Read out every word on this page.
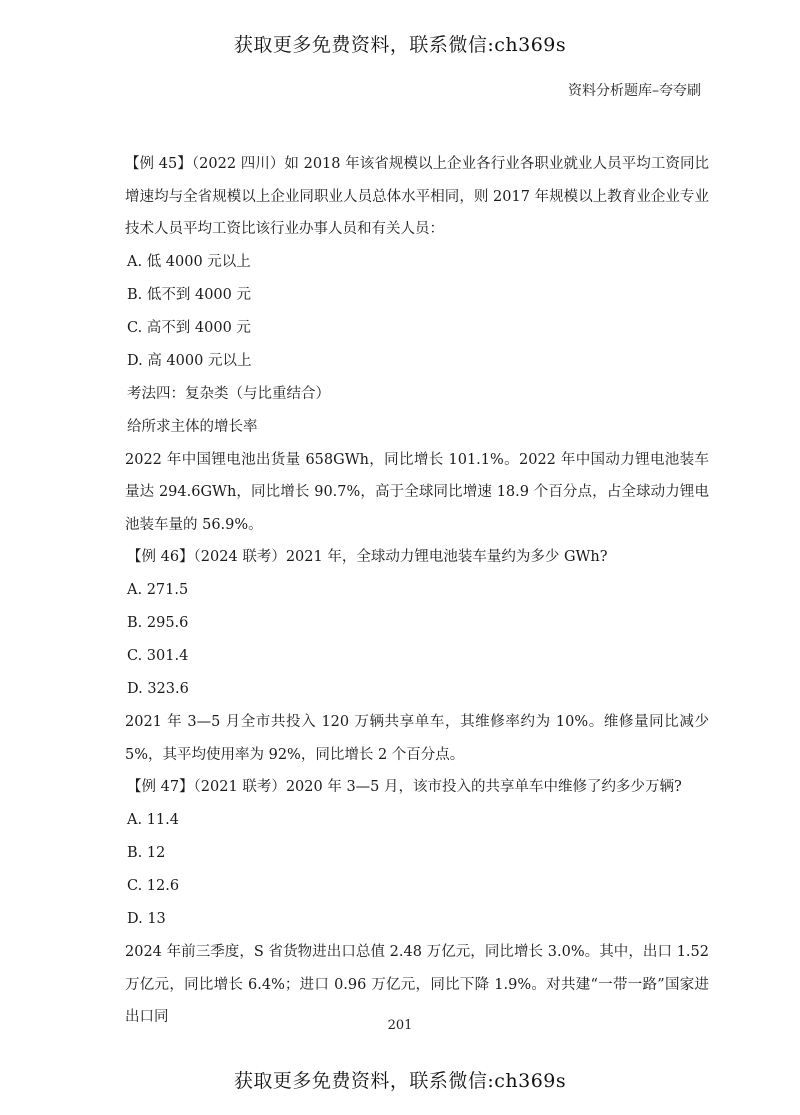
获取更多免费资料，联系微信:ch369s
资料分析题库–夸夸刷
【例 45】（2022 四川）如 2018 年该省规模以上企业各行业各职业就业人员平均工资同比增速均与全省规模以上企业同职业人员总体水平相同，则 2017 年规模以上教育业企业专业技术人员平均工资比该行业办事人员和有关人员：
A. 低 4000 元以上
B. 低不到 4000 元
C. 高不到 4000 元
D. 高 4000 元以上
考法四：复杂类（与比重结合）
给所求主体的增长率
2022 年中国锂电池出货量 658GWh，同比增长 101.1%。2022 年中国动力锂电池装车量达 294.6GWh，同比增长 90.7%，高于全球同比增速 18.9 个百分点，占全球动力锂电池装车量的 56.9%。
【例 46】（2024 联考）2021 年，全球动力锂电池装车量约为多少 GWh?
A. 271.5
B. 295.6
C. 301.4
D. 323.6
2021 年 3—5 月全市共投入 120 万辆共享单车，其维修率约为 10%。维修量同比减少 5%，其平均使用率为 92%，同比增长 2 个百分点。
【例 47】（2021 联考）2020 年 3—5 月，该市投入的共享单车中维修了约多少万辆?
A. 11.4
B. 12
C. 12.6
D. 13
2024 年前三季度，S 省货物进出口总值 2.48 万亿元，同比增长 3.0%。其中，出口 1.52 万亿元，同比增长 6.4%；进口 0.96 万亿元，同比下降 1.9%。对共建“一带一路”国家进出口同
201
获取更多免费资料，联系微信:ch369s
